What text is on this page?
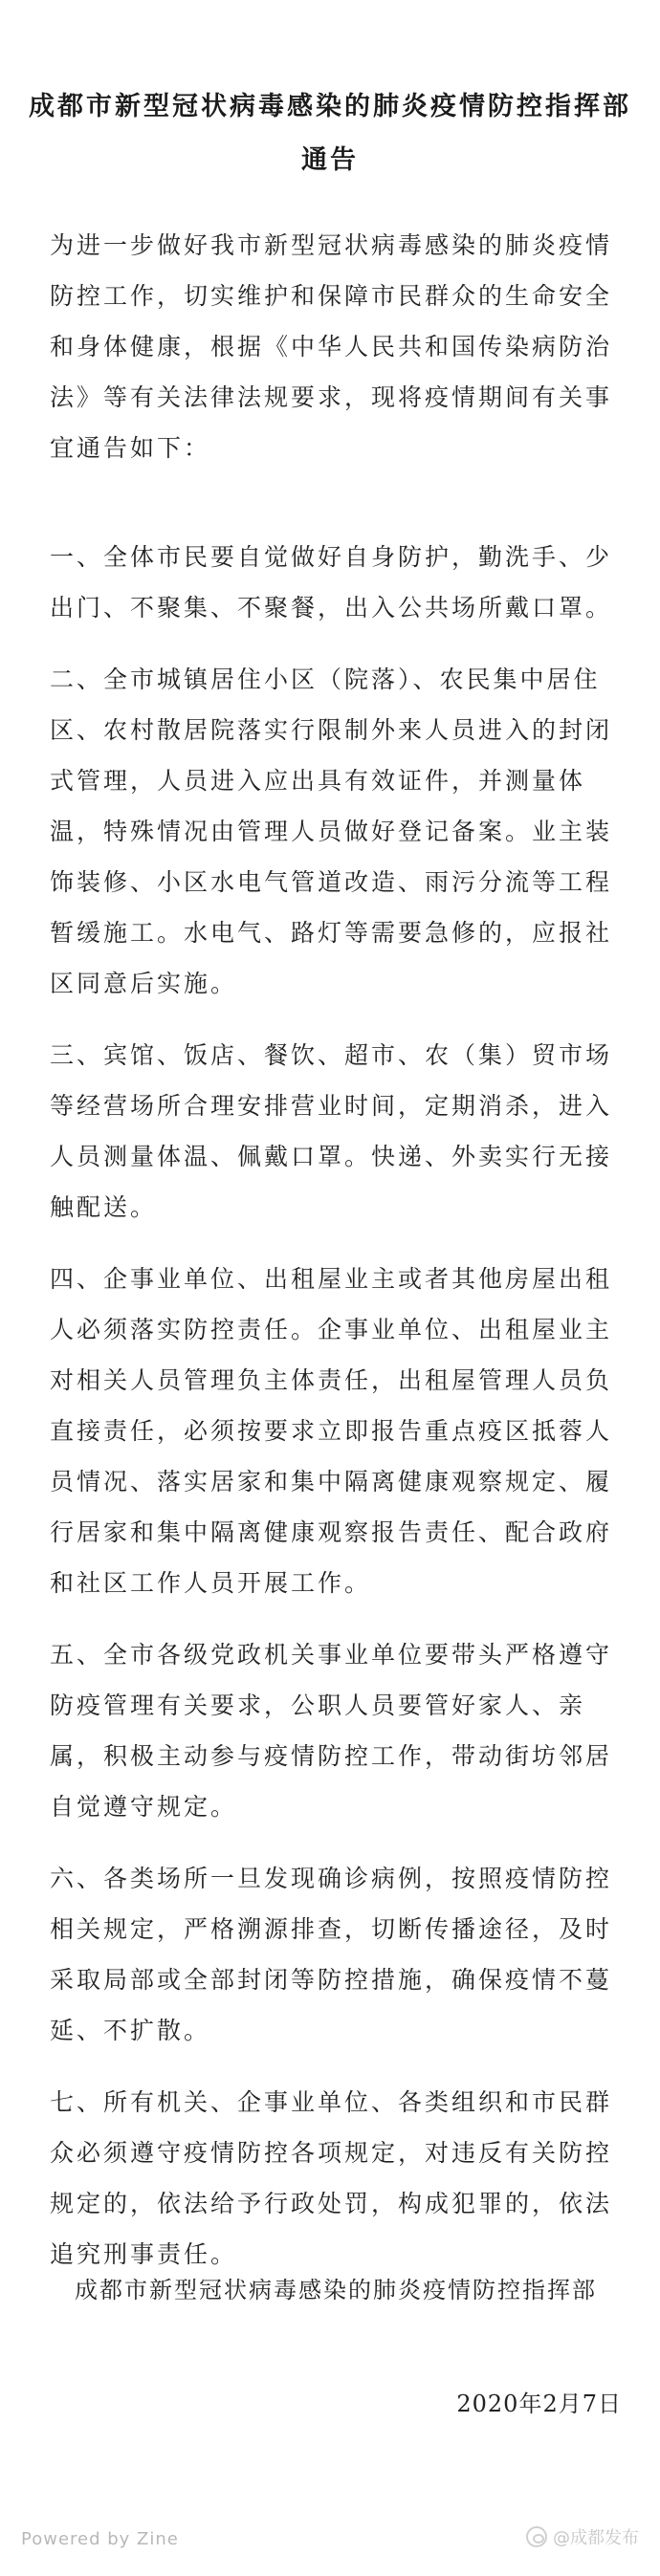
成都市新型冠状病毒感染的肺炎疫情防控指挥部通告

为进一步做好我市新型冠状病毒感染的肺炎疫情防控工作，切实维护和保障市民群众的生命安全和身体健康，根据《中华人民共和国传染病防治法》等有关法律法规要求，现将疫情期间有关事宜通告如下：

一、全体市民要自觉做好自身防护，勤洗手、少出门、不聚集、不聚餐，出入公共场所戴口罩。

二、全市城镇居住小区（院落）、农民集中居住区、农村散居院落实行限制外来人员进入的封闭式管理，人员进入应出具有效证件，并测量体温，特殊情况由管理人员做好登记备案。业主装饰装修、小区水电气管道改造、雨污分流等工程暂缓施工。水电气、路灯等需要急修的，应报社区同意后实施。

三、宾馆、饭店、餐饮、超市、农（集）贸市场等经营场所合理安排营业时间，定期消杀，进入人员测量体温、佩戴口罩。快递、外卖实行无接触配送。

四、企事业单位、出租屋业主或者其他房屋出租人必须落实防控责任。企事业单位、出租屋业主对相关人员管理负主体责任，出租屋管理人员负直接责任，必须按要求立即报告重点疫区抵蓉人员情况、落实居家和集中隔离健康观察规定、履行居家和集中隔离健康观察报告责任、配合政府和社区工作人员开展工作。

五、全市各级党政机关事业单位要带头严格遵守防疫管理有关要求，公职人员要管好家人、亲属，积极主动参与疫情防控工作，带动街坊邻居自觉遵守规定。

六、各类场所一旦发现确诊病例，按照疫情防控相关规定，严格溯源排查，切断传播途径，及时采取局部或全部封闭等防控措施，确保疫情不蔓延、不扩散。

七、所有机关、企事业单位、各类组织和市民群众必须遵守疫情防控各项规定，对违反有关防控规定的，依法给予行政处罚，构成犯罪的，依法追究刑事责任。

成都市新型冠状病毒感染的肺炎疫情防控指挥部
2020年2月7日
Powered by Zine	@成都发布
